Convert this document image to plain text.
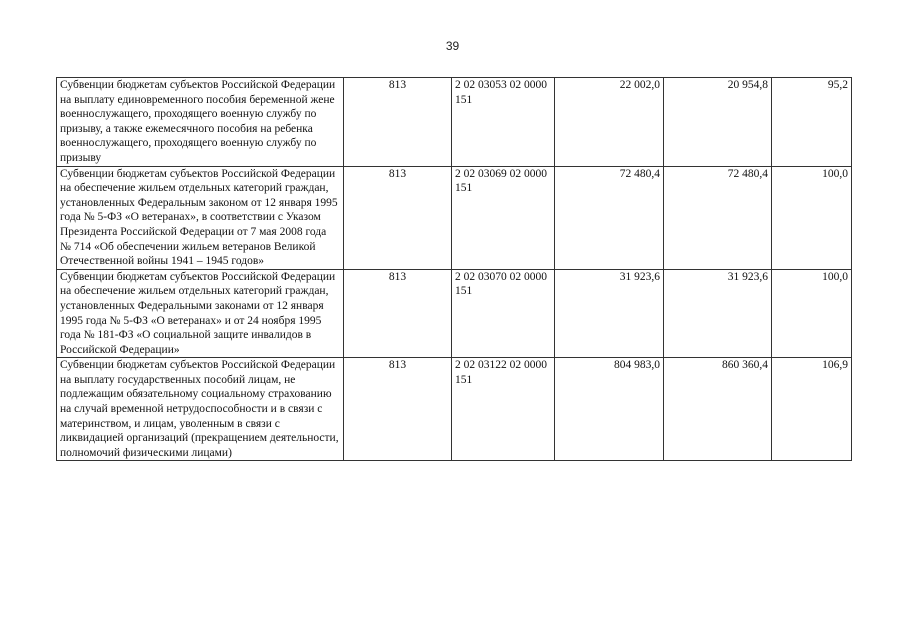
39
Субвенции бюджетам субъектов Российской Федерации на выплату единовременного пособия беременной жене военнослужащего, проходящего военную службу по призыву, а также ежемесячного пособия на ребенка военнослужащего, проходящего военную службу по призыву	813	2 02 03053 02 0000 151	22 002,0	20 954,8	95,2
Субвенции бюджетам субъектов Российской Федерации на обеспечение жильем отдельных категорий граждан, установленных Федеральным законом от 12 января 1995 года № 5-ФЗ «О ветеранах», в соответствии с Указом Президента Российской Федерации от 7 мая 2008 года № 714 «Об обеспечении жильем ветеранов Великой Отечественной войны 1941 – 1945 годов»	813	2 02 03069 02 0000 151	72 480,4	72 480,4	100,0
Субвенции бюджетам субъектов Российской Федерации на обеспечение жильем отдельных категорий граждан, установленных Федеральными законами от 12 января 1995 года № 5-ФЗ «О ветеранах» и от 24 ноября 1995 года № 181-ФЗ «О социальной защите инвалидов в Российской Федерации»	813	2 02 03070 02 0000 151	31 923,6	31 923,6	100,0
Субвенции бюджетам субъектов Российской Федерации на выплату государственных пособий лицам, не подлежащим обязательному социальному страхованию на случай временной нетрудоспособности и в связи с материнством, и лицам, уволенным в связи с ликвидацией организаций (прекращением деятельности, полномочий физическими лицами)	813	2 02 03122 02 0000 151	804 983,0	860 360,4	106,9
